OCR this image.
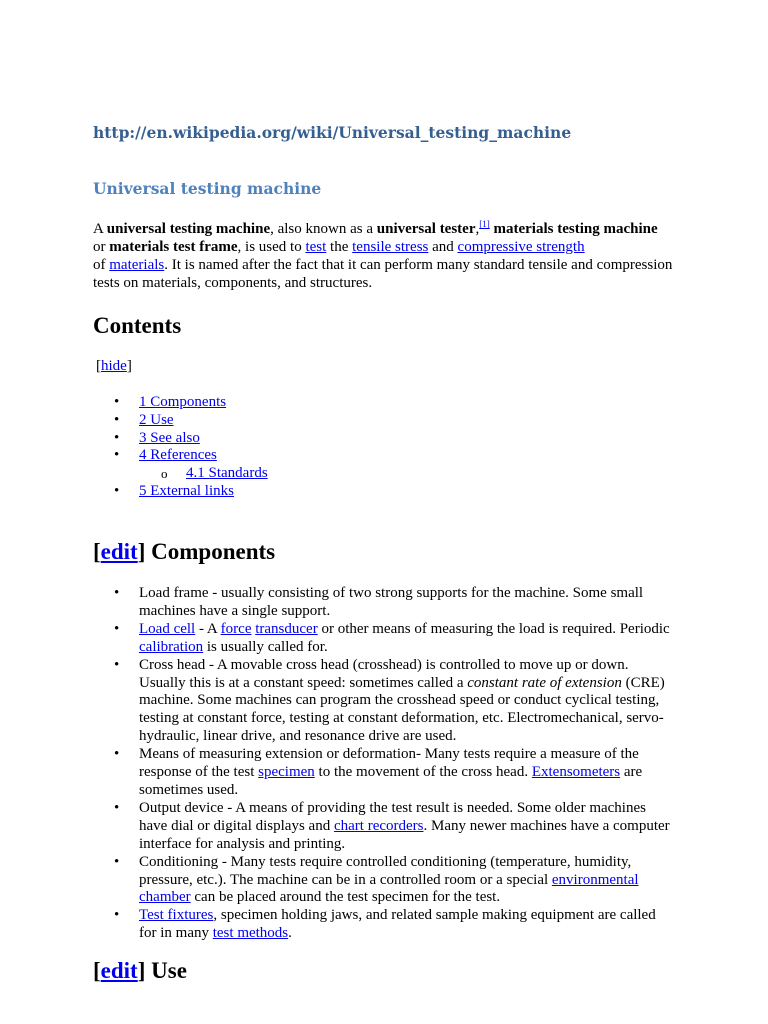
http://en.wikipedia.org/wiki/Universal_testing_machine
Universal testing machine

A universal testing machine, also known as a universal tester,[1] materials testing machine or materials test frame, is used to test the tensile stress and compressive strength
of materials. It is named after the fact that it can perform many standard tensile and compression tests on materials, components, and structures.

Contents
[hide]
• 1 Components
• 2 Use
• 3 See also
• 4 References
o 4.1 Standards
• 5 External links
[edit] Components
• Load frame - usually consisting of two strong supports for the machine. Some small machines have a single support.
• Load cell - A force transducer or other means of measuring the load is required. Periodic calibration is usually called for.
• Cross head - A movable cross head (crosshead) is controlled to move up or down. Usually this is at a constant speed: sometimes called a constant rate of extension (CRE) machine. Some machines can program the crosshead speed or conduct cyclical testing, testing at constant force, testing at constant deformation, etc. Electromechanical, servo-hydraulic, linear drive, and resonance drive are used.
• Means of measuring extension or deformation- Many tests require a measure of the response of the test specimen to the movement of the cross head. Extensometers are sometimes used.
• Output device - A means of providing the test result is needed. Some older machines have dial or digital displays and chart recorders. Many newer machines have a computer interface for analysis and printing.
• Conditioning - Many tests require controlled conditioning (temperature, humidity, pressure, etc.). The machine can be in a controlled room or a special environmental chamber can be placed around the test specimen for the test.
• Test fixtures, specimen holding jaws, and related sample making equipment are called for in many test methods.
[edit] Use
